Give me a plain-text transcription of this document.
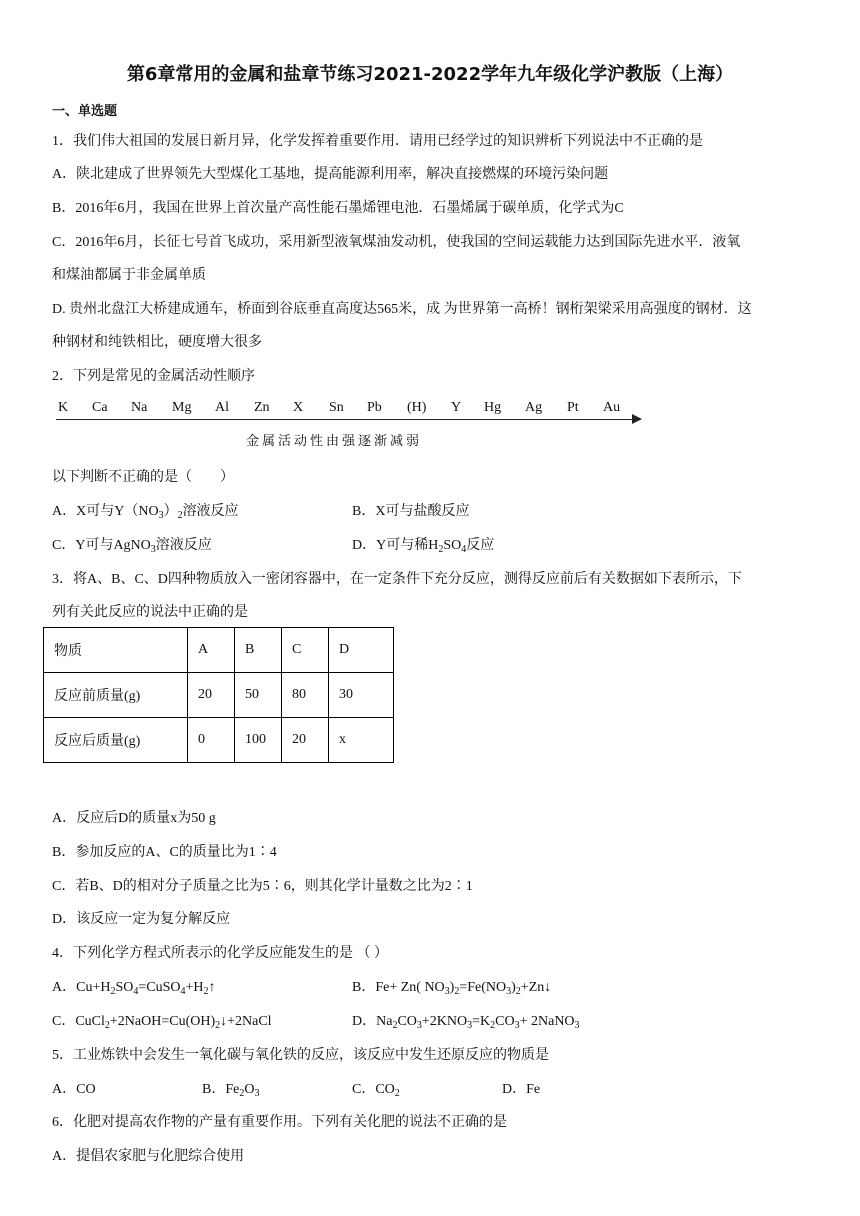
第6章常用的金属和盐章节练习2021-2022学年九年级化学沪教版（上海）
一、单选题
1．我们伟大祖国的发展日新月异，化学发挥着重要作用．请用已经学过的知识辨析下列说法中不正确的是
A．陕北建成了世界领先大型煤化工基地，提高能源利用率，解决直接燃煤的环境污染问题
B．2016年6月，我国在世界上首次量产高性能石墨烯锂电池．石墨烯属于碳单质，化学式为C
C．2016年6月，长征七号首飞成功，采用新型液氧煤油发动机，使我国的空间运载能力达到国际先进水平．液氧
和煤油都属于非金属单质
D. 贵州北盘江大桥建成通车，桥面到谷底垂直高度达565米，成 为世界第一高桥！钢桁架梁采用高强度的钢材．这
种钢材和纯铁相比，硬度增大很多
2．下列是常见的金属活动性顺序
K Ca Na Mg Al Zn X Sn Pb (H) Y Hg Ag Pt Au
金属活动性由强逐渐减弱
以下判断不正确的是（　　）
A．X可与$Y(NO_3)_2$溶液反应	B．X可与盐酸反应
C．Y可与AgNO$_3$溶液反应	D．Y可与稀$H_2SO_4$反应
3．将A、B、C、D四种物质放入一密闭容器中，在一定条件下充分反应，测得反应前后有关数据如下表所示，下
列有关此反应的说法中正确的是
物质	A	B	C	D
反应前质量(g)	20	50	80	30
反应后质量(g)	0	100	20	x
A．反应后D的质量x为50 g
B．参加反应的A、C的质量比为1∶4
C．若B、D的相对分子质量之比为5∶6，则其化学计量数之比为2∶1
D．该反应一定为复分解反应
4．下列化学方程式所表示的化学反应能发生的是 （ ）
A．$Cu+H_2SO_4=CuSO_4+H_2↑$	B．Fe+ Zn( $NO_3)_2=Fe(NO_3)_2+Zn↓$
C．$CuCl_2+2NaOH=Cu(OH)_2↓+2NaCl$	D．$Na_2CO_3+2KNO_3=K_2CO_3+$ 2NaNO$_3$
5．工业炼铁中会发生一氧化碳与氧化铁的反应，该反应中发生还原反应的物质是
A．CO	B．$Fe_2O_3$	C．$CO_2$	D．Fe
6．化肥对提高农作物的产量有重要作用。下列有关化肥的说法不正确的是
A．提倡农家肥与化肥综合使用
